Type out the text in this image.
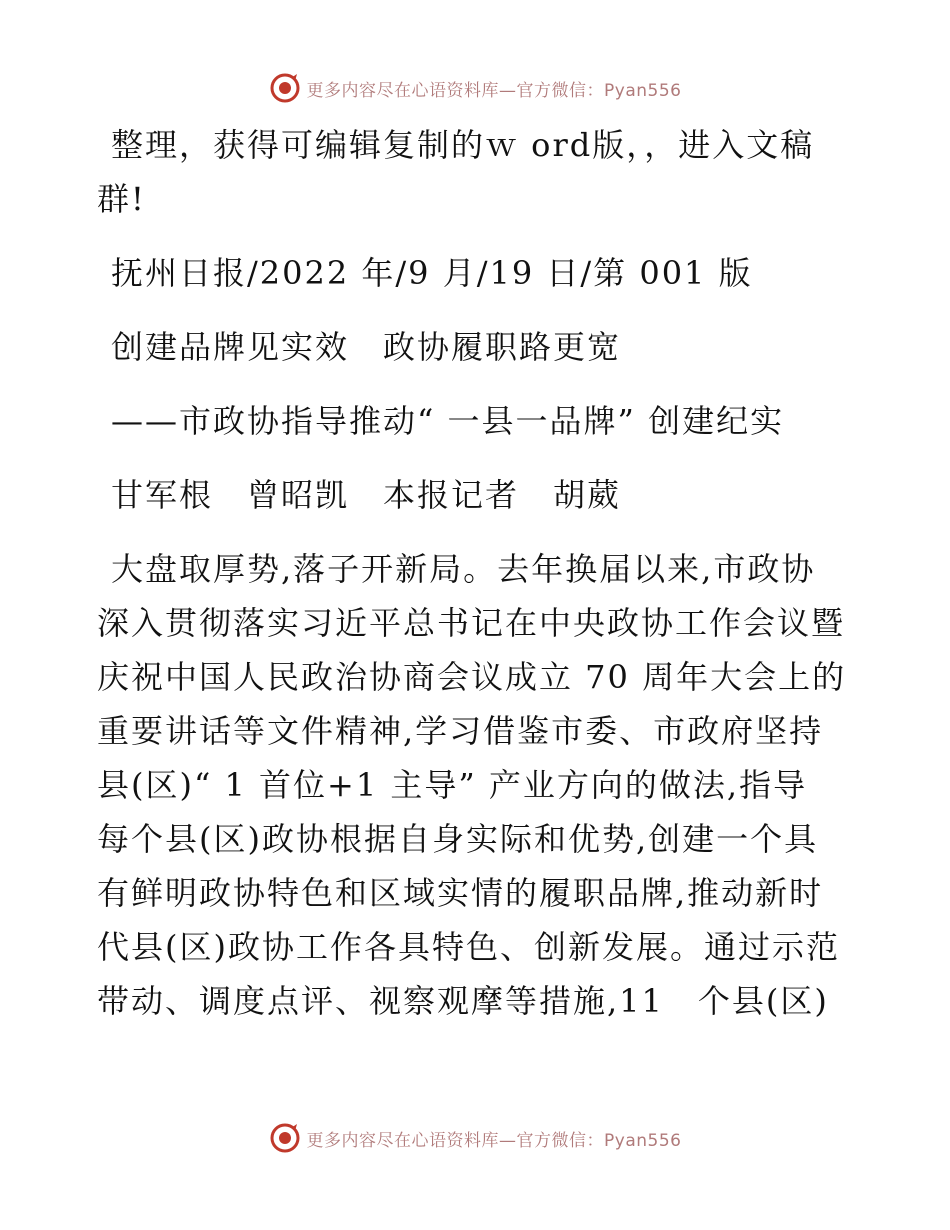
更多内容尽在心语资料库—官方微信：Pyan556

整理，获得可编辑复制的ｗ ord版，，进入文稿

群!

抚州日报/2022 年/9 月/19 日/第 001 版

创建品牌见实效　政协履职路更宽

——市政协指导推动“ 一县一品牌” 创建纪实

甘军根　曾昭凯　本报记者　胡葳

大盘取厚势,落子开新局。去年换届以来,市政协
深入贯彻落实习近平总书记在中央政协工作会议暨
庆祝中国人民政治协商会议成立 70 周年大会上的
重要讲话等文件精神,学习借鉴市委、市政府坚持
县(区)“ 1 首位+1 主导” 产业方向的做法,指导
每个县(区)政协根据自身实际和优势,创建一个具
有鲜明政协特色和区域实情的履职品牌,推动新时
代县(区)政协工作各具特色、创新发展。通过示范
带动、调度点评、视察观摩等措施,11　个县(区)
更多内容尽在心语资料库—官方微信：Pyan556
